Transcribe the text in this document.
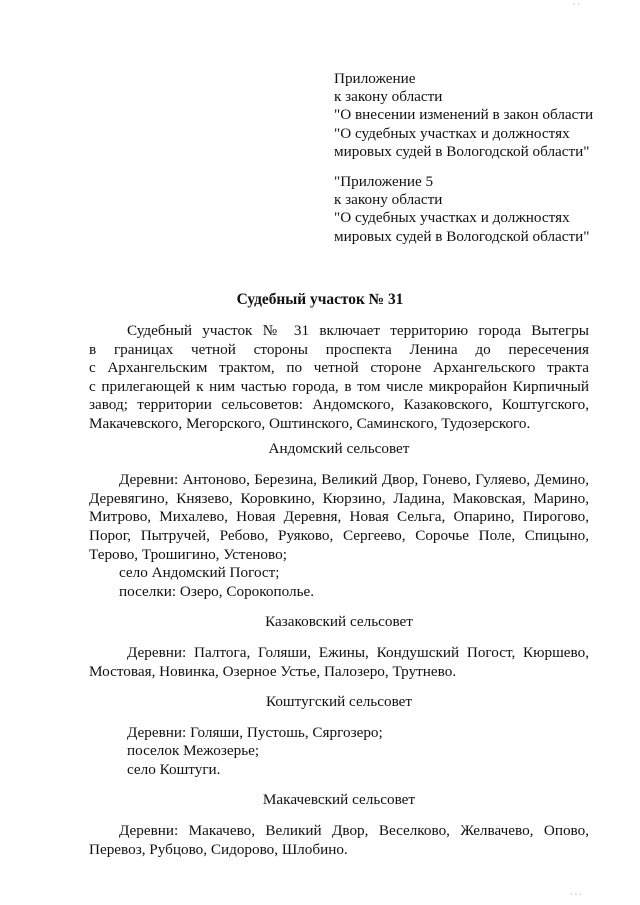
Приложение
к закону области
"О внесении изменений в закон области
"О судебных участках и должностях
мировых судей в Вологодской области"
"Приложение 5
к закону области
"О судебных участках и должностях
мировых судей в Вологодской области"
Судебный участок № 31
Судебный участок № 31 включает территорию города Вытегры
в границах четной стороны проспекта Ленина до пересечения
с Архангельским трактом, по четной стороне Архангельского тракта
с прилегающей к ним частью города, в том числе микрорайон Кирпичный
завод; территории сельсоветов: Андомского, Казаковского, Коштугского,
Макачевского, Мегорского, Оштинского, Саминского, Тудозерского.

Андомский сельсовет

Деревни: Антоново, Березина, Великий Двор, Гонево, Гуляево, Демино,
Деревягино, Князево, Коровкино, Кюрзино, Ладина, Маковская, Марино,
Митрово, Михалево, Новая Деревня, Новая Сельга, Опарино, Пирогово,
Порог, Пытручей, Ребово, Руяково, Сергеево, Сорочье Поле, Спицыно,
Терово, Трошигино, Устеново;
село Андомский Погост;
поселки: Озеро, Сорокополье.

Казаковский сельсовет

Деревни: Палтога, Голяши, Ежины, Кондушский Погост, Кюршево,
Мостовая, Новинка, Озерное Устье, Палозеро, Трутнево.

Коштугский сельсовет

Деревни: Голяши, Пустошь, Сяргозеро;
поселок Межозерье;
село Коштуги.

Макачевский сельсовет

Деревни: Макачево, Великий Двор, Веселково, Желвачево, Опово,
Перевоз, Рубцово, Сидорово, Шлобино.
· ·
· · ·
